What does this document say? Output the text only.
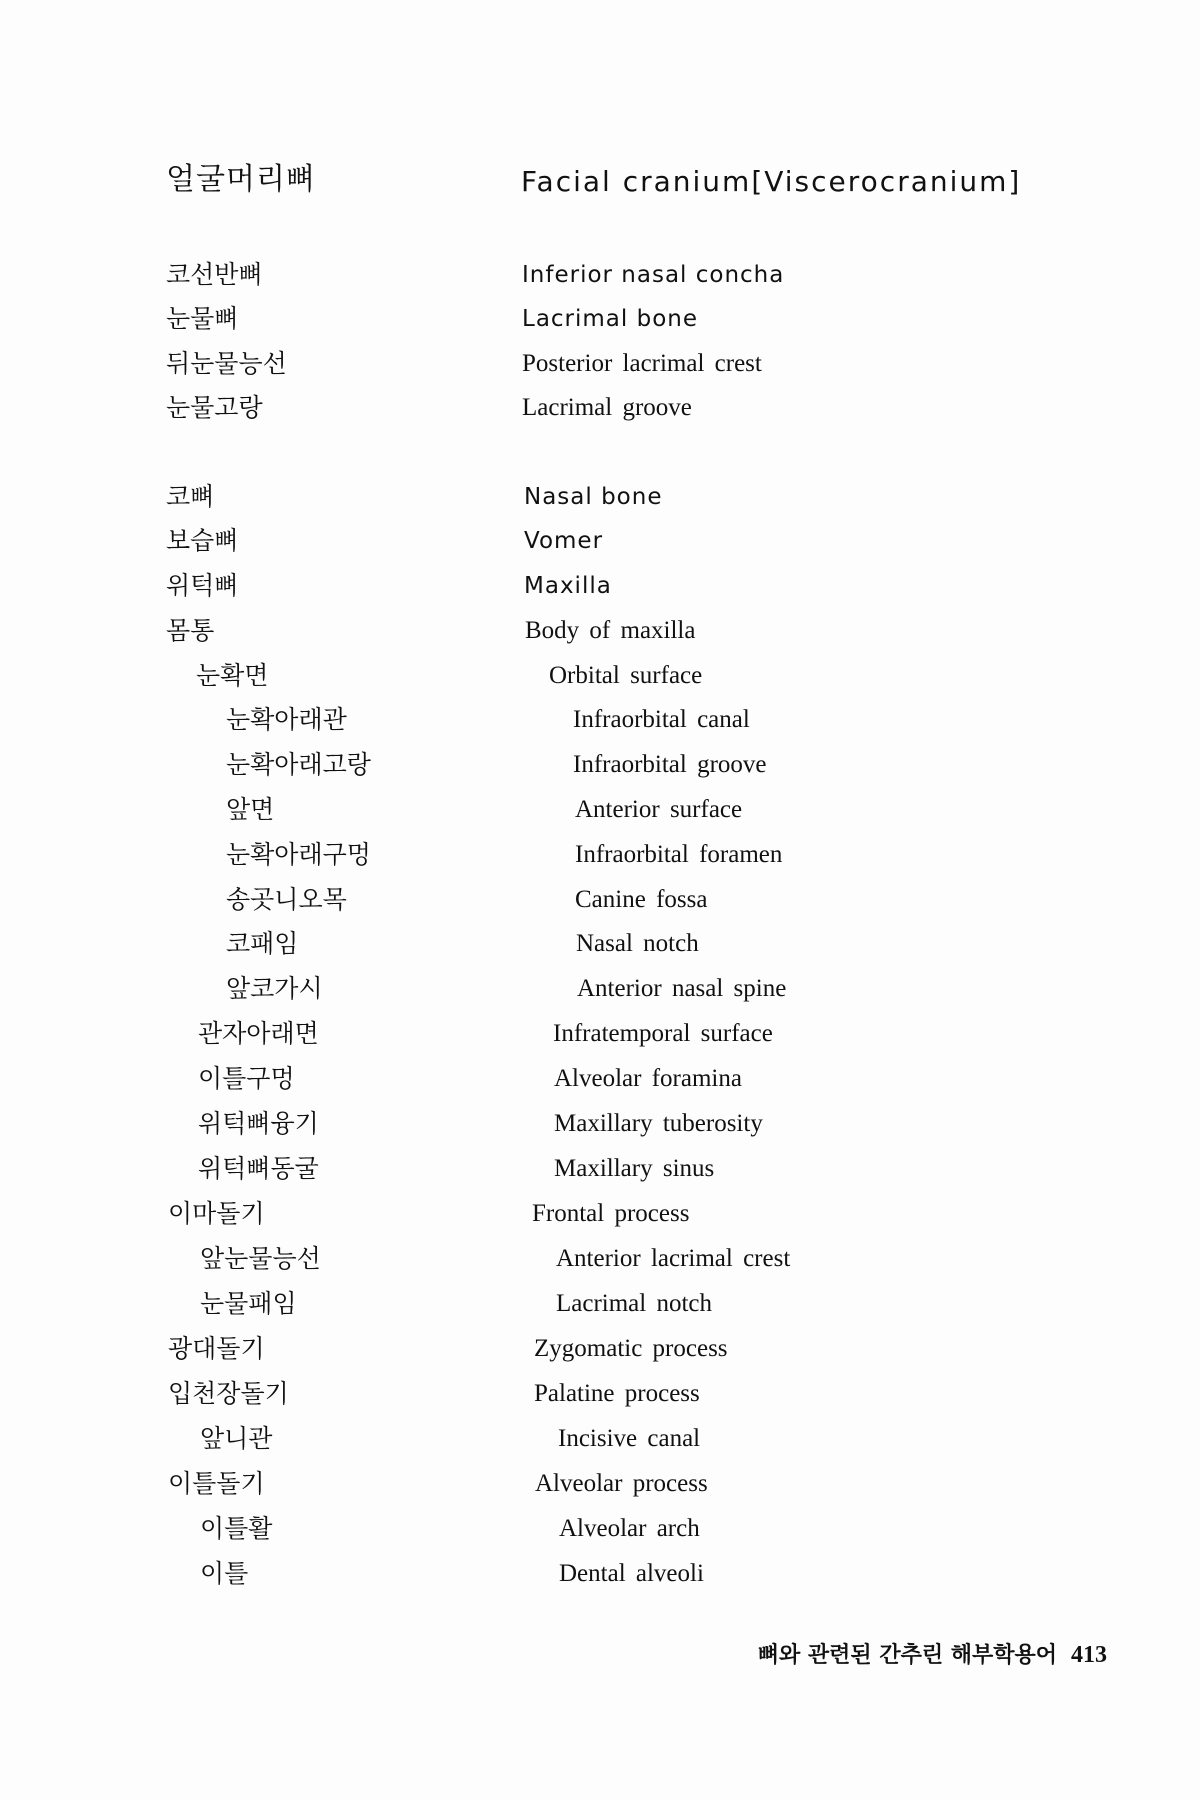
얼굴머리뼈	Facial cranium[Viscerocranium]
코선반뼈	Inferior nasal concha
눈물뼈	Lacrimal bone
뒤눈물능선	Posterior lacrimal crest
눈물고랑	Lacrimal groove
코뼈	Nasal bone
보습뼈	Vomer
위턱뼈	Maxilla
몸통	Body of maxilla
눈확면	Orbital surface
눈확아래관	Infraorbital canal
눈확아래고랑	Infraorbital groove
앞면	Anterior surface
눈확아래구멍	Infraorbital foramen
송곳니오목	Canine fossa
코패임	Nasal notch
앞코가시	Anterior nasal spine
관자아래면	Infratemporal surface
이틀구멍	Alveolar foramina
위턱뼈융기	Maxillary tuberosity
위턱뼈동굴	Maxillary sinus
이마돌기	Frontal process
앞눈물능선	Anterior lacrimal crest
눈물패임	Lacrimal notch
광대돌기	Zygomatic process
입천장돌기	Palatine process
앞니관	Incisive canal
이틀돌기	Alveolar process
이틀활	Alveolar arch
이틀	Dental alveoli
뼈와 관련된 간추린 해부학용어 413
